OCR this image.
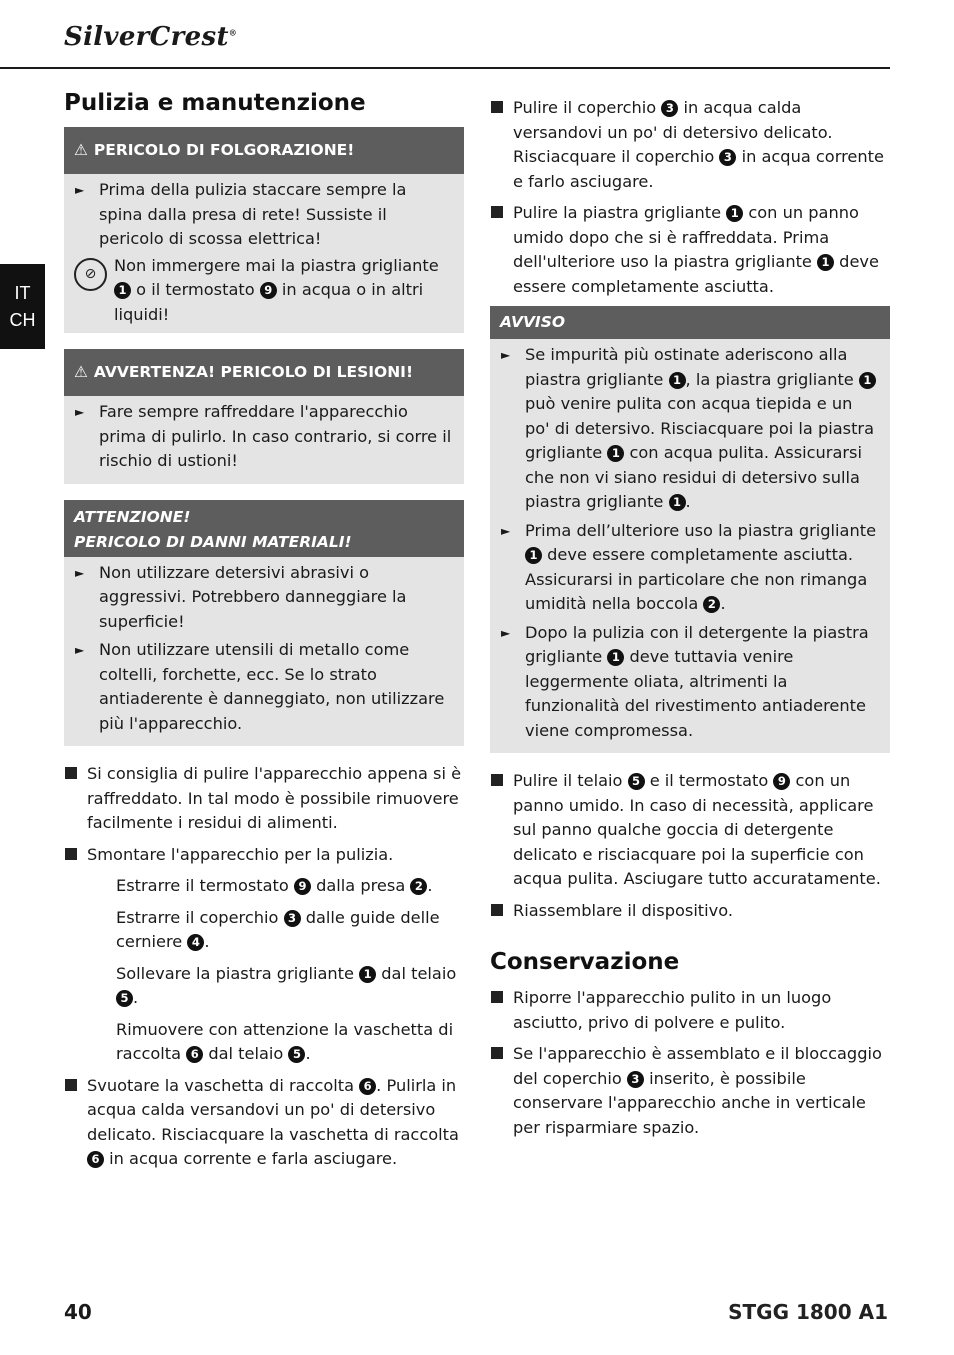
SilverCrest®
IT
CH
Pulizia e manutenzione
⚠ PERICOLO DI FOLGORAZIONE!
► Prima della pulizia staccare sempre la spina dalla presa di rete! Sussiste il pericolo di scossa elettrica!
⊘	Non immergere mai la piastra grigliante 1 o il termostato 9 in acqua o in altri liquidi!
⚠ AVVERTENZA! PERICOLO DI LESIONI!
► Fare sempre raffreddare l'apparecchio prima di pulirlo. In caso contrario, si corre il rischio di ustioni!
ATTENZIONE!
PERICOLO DI DANNI MATERIALI!
► Non utilizzare detersivi abrasivi o aggressivi. Potrebbero danneggiare la superficie!
► Non utilizzare utensili di metallo come coltelli, forchette, ecc. Se lo strato antiaderente è danneggiato, non utilizzare più l'apparecchio.
Si consiglia di pulire l'apparecchio appena si è raffreddato. In tal modo è possibile rimuovere facilmente i residui di alimenti.
Smontare l'apparecchio per la pulizia.
Estrarre il termostato 9 dalla presa 2 .
Estrarre il coperchio 3 dalle guide delle cerniere 4 .
Sollevare la piastra grigliante 1 dal telaio 5 .
Rimuovere con attenzione la vaschetta di raccolta 6 dal telaio 5 .
Svuotare la vaschetta di raccolta 6 . Pulirla in acqua calda versandovi un po' di detersivo delicato. Risciacquare la vaschetta di raccolta 6 in acqua corrente e farla asciugare.
Pulire il coperchio 3 in acqua calda versandovi un po' di detersivo delicato. Risciacquare il coperchio 3 in acqua corrente e farlo asciugare.
Pulire la piastra grigliante 1 con un panno umido dopo che si è raffreddata. Prima dell'ulteriore uso la piastra grigliante 1 deve essere completamente asciutta.
AVVISO
► Se impurità più ostinate aderiscono alla piastra grigliante 1 , la piastra grigliante 1 può venire pulita con acqua tiepida e un po' di detersivo. Risciacquare poi la piastra grigliante 1 con acqua pulita. Assicurarsi che non vi siano residui di detersivo sulla piastra grigliante 1 .
► Prima dell’ulteriore uso la piastra grigliante 1 deve essere completamente asciutta. Assicurarsi in particolare che non rimanga umidità nella boccola 2 .
► Dopo la pulizia con il detergente la piastra grigliante 1 deve tuttavia venire leggermente oliata, altrimenti la funzionalità del rivestimento antiaderente viene compromessa.
Pulire il telaio 5 e il termostato 9 con un panno umido. In caso di necessità, applicare sul panno qualche goccia di detergente delicato e risciacquare poi la superficie con acqua pulita. Asciugare tutto accuratamente.
Riassemblare il dispositivo.
Conservazione
Riporre l'apparecchio pulito in un luogo asciutto, privo di polvere e pulito.
Se l'apparecchio è assemblato e il bloccaggio del coperchio 3 inserito, è possibile conservare l'apparecchio anche in verticale per risparmiare spazio.
40	STGG 1800 A1
